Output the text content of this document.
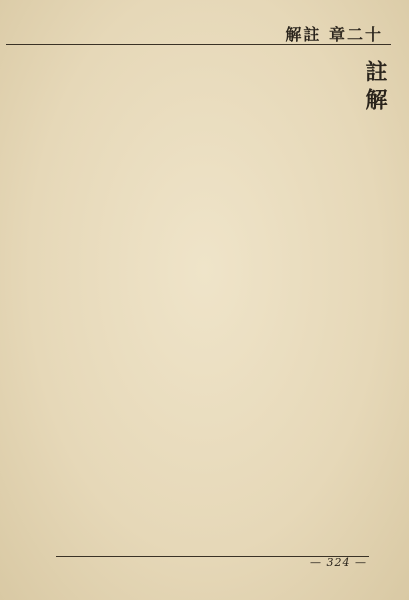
解註 章二十
註解
— 324 —
